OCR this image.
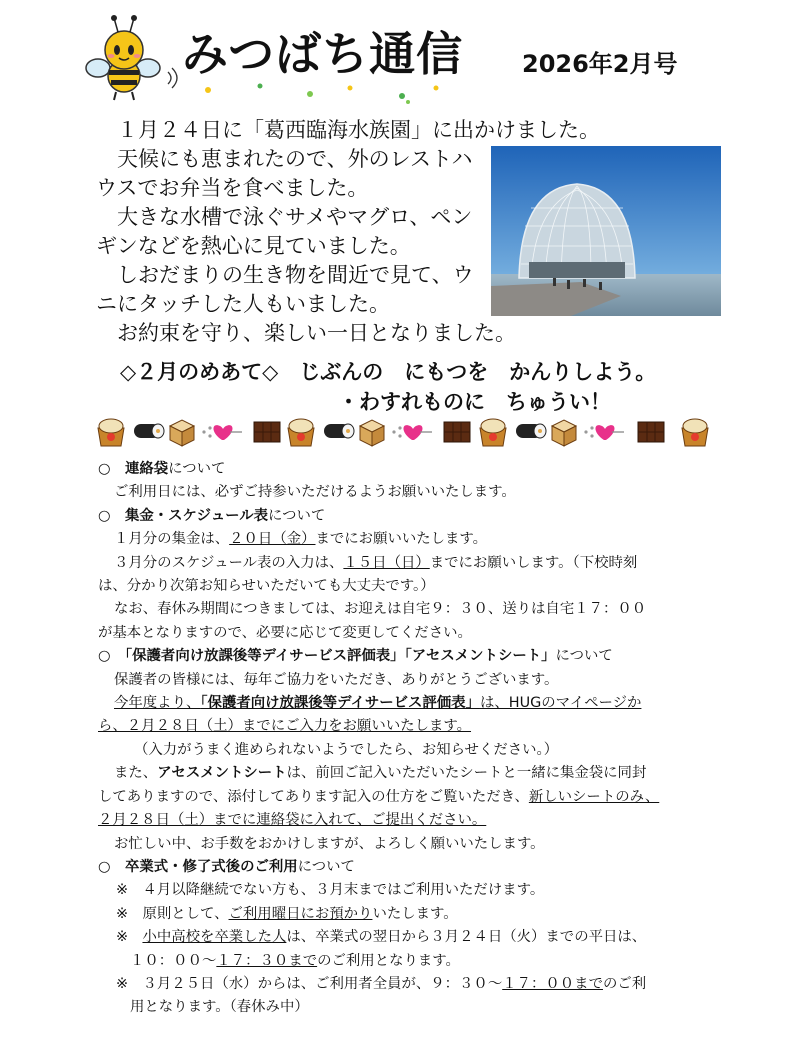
みつばち通信 2026年2月号

　１月２４日に「葛西臨海水族園」に出かけました。

　天候にも恵まれたので、外のレストハ

ウスでお弁当を食べました。

　大きな水槽で泳ぐサメやマグロ、ペン

ギンなどを熱心に見ていました。

　しおだまりの生き物を間近で見て、ウ

ニにタッチした人もいました。

　お約束を守り、楽しい一日となりました。

◇２月のめあて◇　じぶんの　にもつを　かんりしよう。
・わすれものに　ちゅうい！
○　連絡袋について
ご利用日には、必ずご持参いただけるようお願いいたします。
○　集金・スケジュール表について
１月分の集金は、２０日（金）までにお願いいたします。
３月分のスケジュール表の入力は、１５日（日）までにお願いします。（下校時刻
は、分かり次第お知らせいただいても大丈夫です。）
なお、春休み期間につきましては、お迎えは自宅９：３０、送りは自宅１７：００
が基本となりますので、必要に応じて変更してください。
○　「保護者向け放課後等デイサービス評価表」「アセスメントシート」について
保護者の皆様には、毎年ご協力をいただき、ありがとうございます。
今年度より、「保護者向け放課後等デイサービス評価表」は、HUGのマイページか
ら、２月２８日（土）までにご入力をお願いいたします。
（入力がうまく進められないようでしたら、お知らせください。）
また、アセスメントシートは、前回ご記入いただいたシートと一緒に集金袋に同封
してありますので、添付してあります記入の仕方をご覧いただき、新しいシートのみ、
２月２８日（土）までに連絡袋に入れて、ご提出ください。
お忙しい中、お手数をおかけしますが、よろしく願いいたします。
○　卒業式・修了式後のご利用について
※　４月以降継続でない方も、３月末まではご利用いただけます。
※　原則として、ご利用曜日にお預かりいたします。
※　小中高校を卒業した人は、卒業式の翌日から３月２４日（火）までの平日は、
１０：００～１７：３０までのご利用となります。
※　３月２５日（水）からは、ご利用者全員が、９：３０～１７：００までのご利
用となります。（春休み中）
